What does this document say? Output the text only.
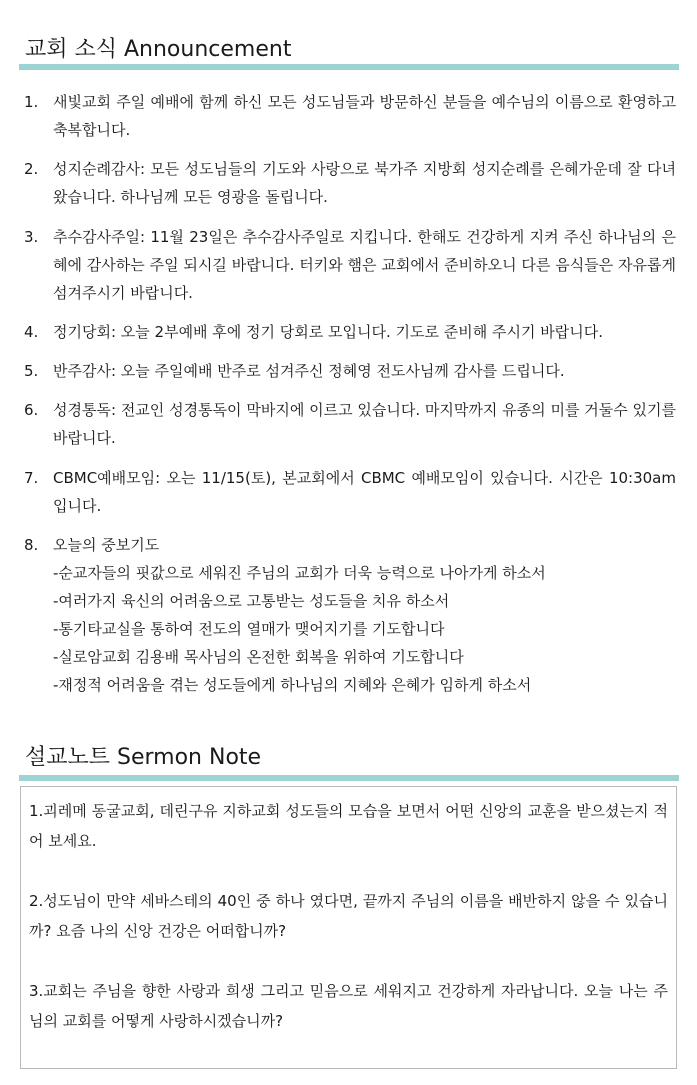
교회 소식 Announcement
1. 새빛교회 주일 예배에 함께 하신 모든 성도님들과 방문하신 분들을 예수님의 이름으로 환영하고 축복합니다.
2. 성지순례감사: 모든 성도님들의 기도와 사랑으로 북가주 지방회 성지순례를 은혜가운데 잘 다녀왔습니다. 하나님께 모든 영광을 돌립니다.
3. 추수감사주일: 11월 23일은 추수감사주일로 지킵니다. 한해도 건강하게 지켜 주신 하나님의 은혜에 감사하는 주일 되시길 바랍니다. 터키와 햄은 교회에서 준비하오니 다른 음식들은 자유롭게 섬겨주시기 바랍니다.
4. 정기당회: 오늘 2부예배 후에 정기 당회로 모입니다. 기도로 준비해 주시기 바랍니다.
5. 반주감사: 오늘 주일예배 반주로 섬겨주신 정혜영 전도사님께 감사를 드립니다.
6. 성경통독: 전교인 성경통독이 막바지에 이르고 있습니다. 마지막까지 유종의 미를 거둘수 있기를 바랍니다.
7. CBMC예배모임: 오는 11/15(토), 본교회에서 CBMC 예배모임이 있습니다. 시간은 10:30am 입니다.
8. 오늘의 중보기도
-순교자들의 핏값으로 세워진 주님의 교회가 더욱 능력으로 나아가게 하소서
-여러가지 육신의 어려움으로 고통받는 성도들을 치유 하소서
-통기타교실을 통하여 전도의 열매가 맺어지기를 기도합니다
-실로암교회 김용배 목사님의 온전한 회복을 위하여 기도합니다
-재정적 어려움을 겪는 성도들에게 하나님의 지혜와 은혜가 임하게 하소서
설교노트 Sermon Note

1.괴레메 동굴교회, 데린구유 지하교회 성도들의 모습을 보면서 어떤 신앙의 교훈을 받으셨는지 적어 보세요.

2.성도님이 만약 세바스테의 40인 중 하나 였다면, 끝까지 주님의 이름을 배반하지 않을 수 있습니까? 요즘 나의 신앙 건강은 어떠합니까?

3.교회는 주님을 향한 사랑과 희생 그리고 믿음으로 세워지고 건강하게 자라납니다. 오늘 나는 주님의 교회를 어떻게 사랑하시겠습니까?
